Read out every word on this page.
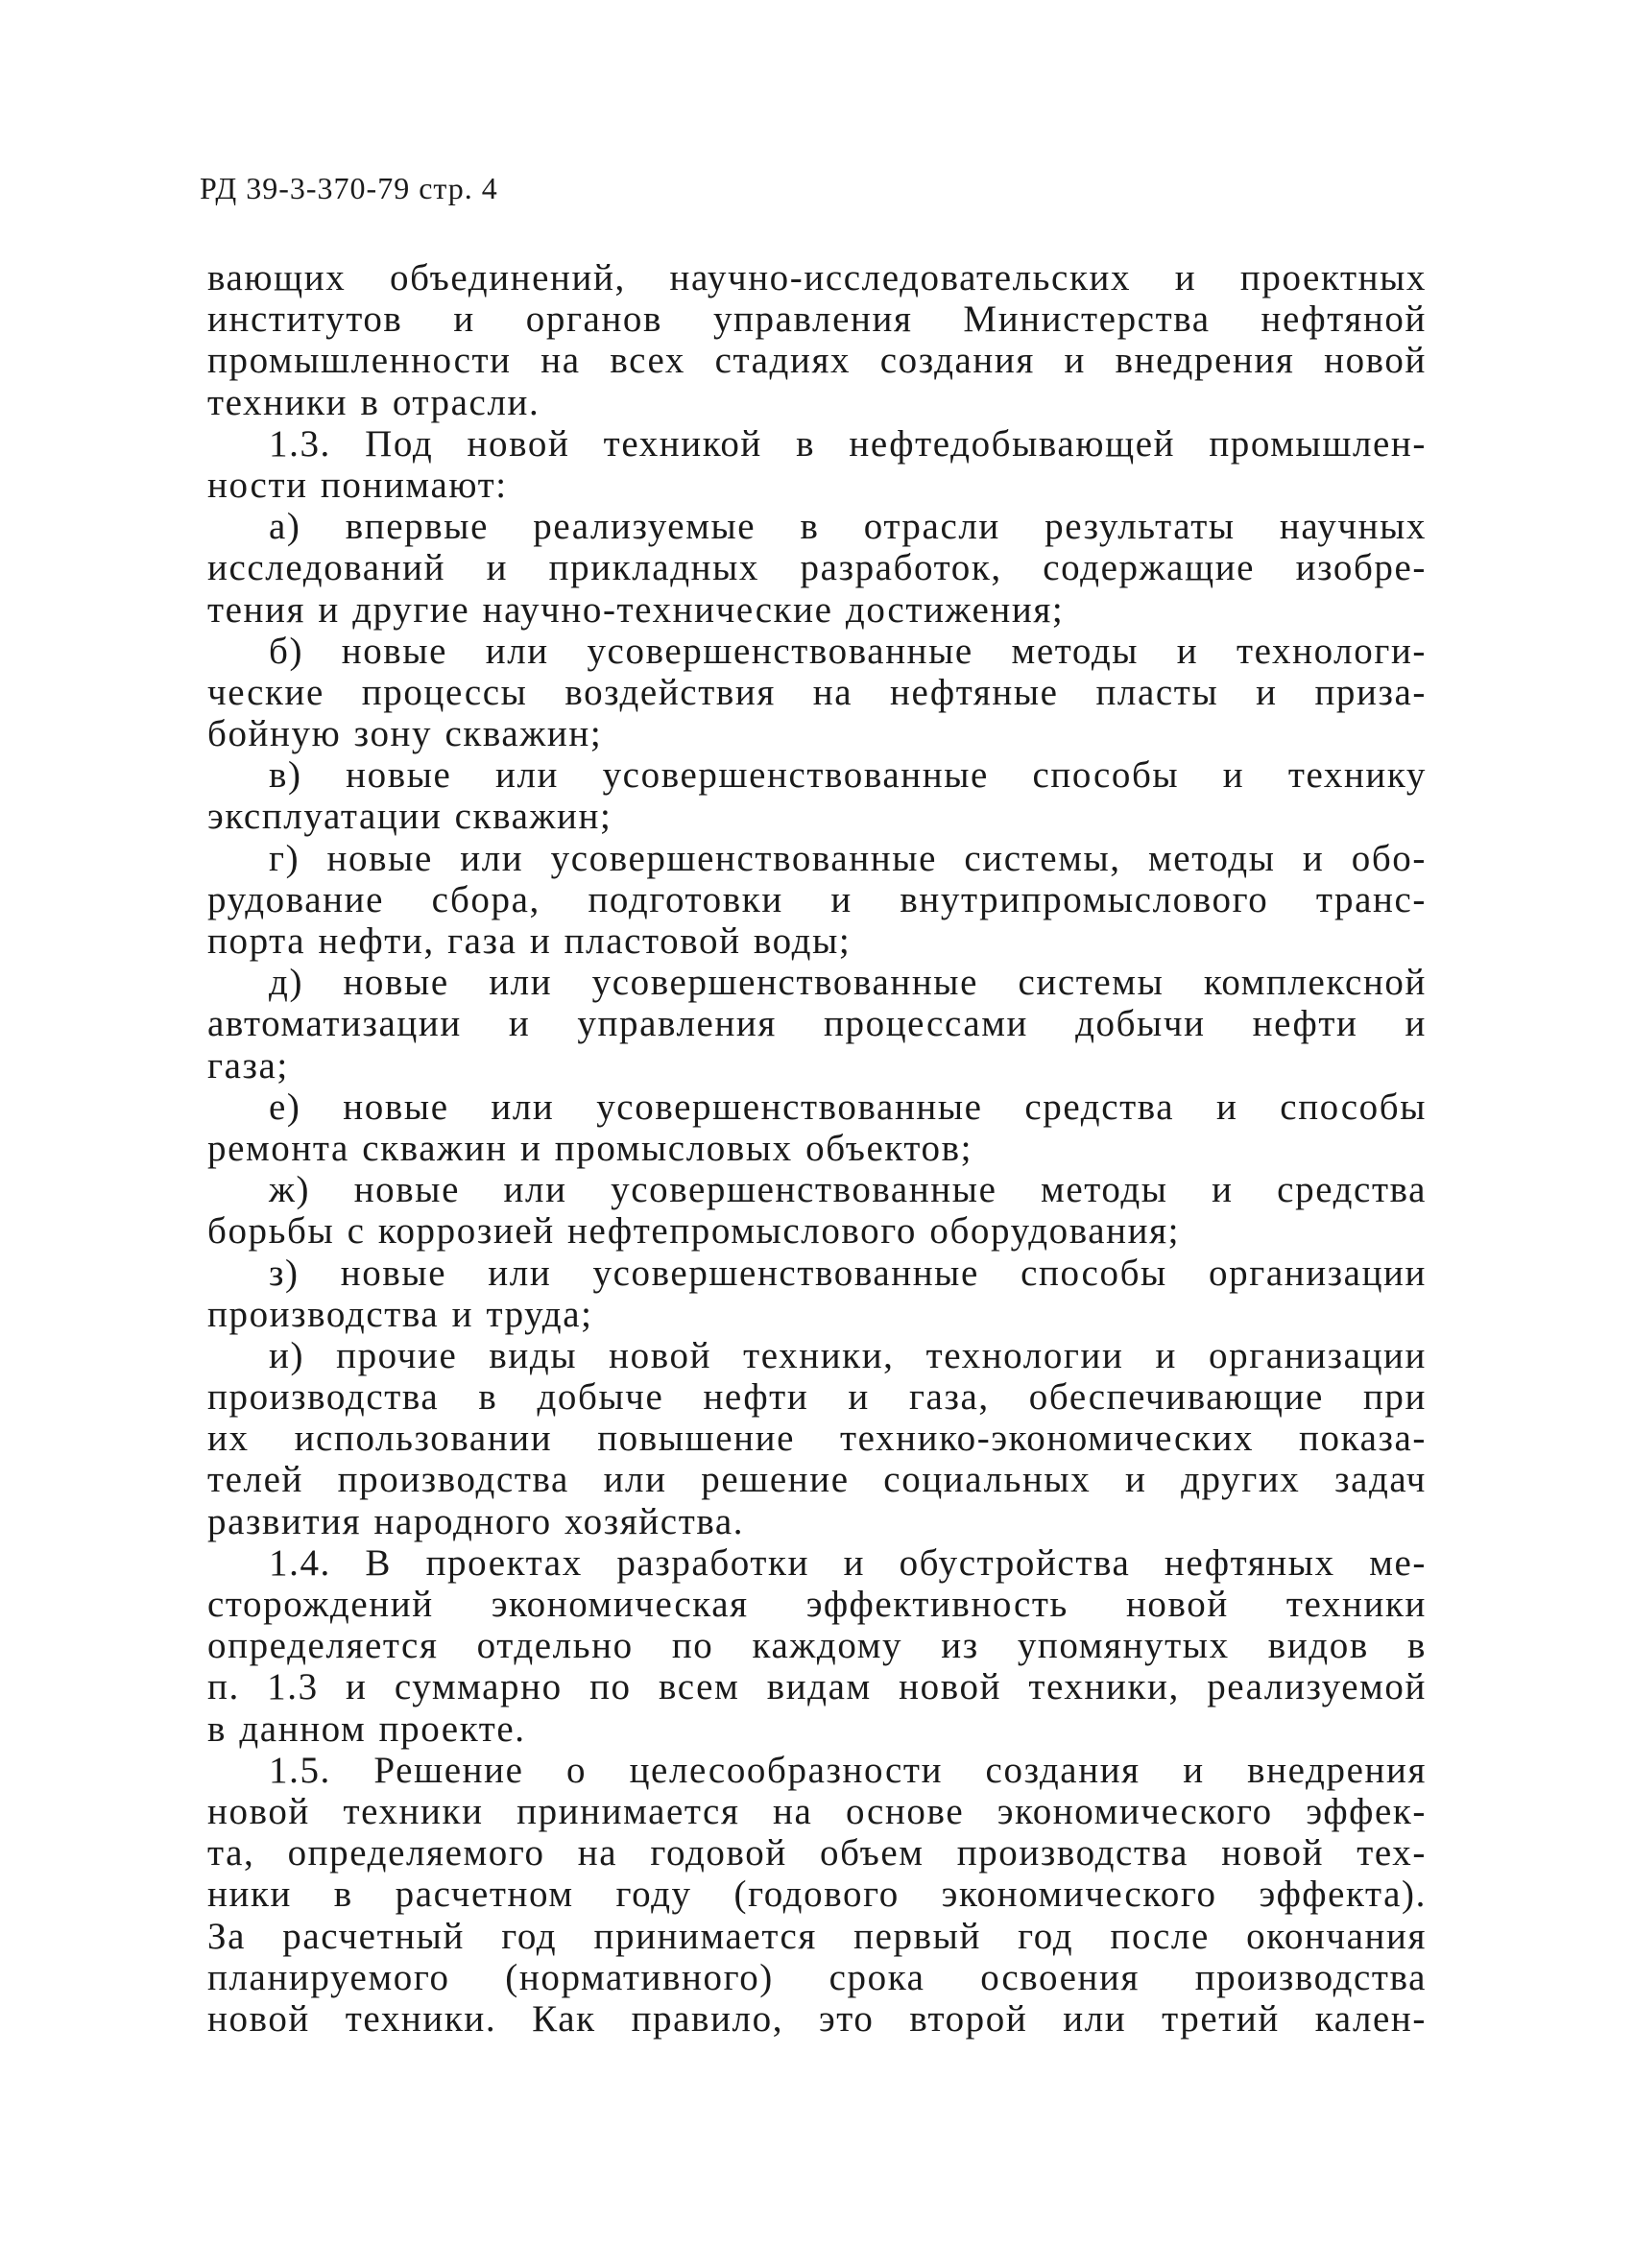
РД 39-3-370-79 стр. 4
вающих объединений, научно-исследовательских и проектных
институтов и органов управления Министерства нефтяной
промышленности на всех стадиях создания и внедрения новой
техники в отрасли.
1.3. Под новой техникой в нефтедобывающей промышлен-
ности понимают:
а) впервые реализуемые в отрасли результаты научных
исследований и прикладных разработок, содержащие изобре-
тения и другие научно-технические достижения;
б) новые или усовершенствованные методы и технологи-
ческие процессы воздействия на нефтяные пласты и приза-
бойную зону скважин;
в) новые или усовершенствованные способы и технику
эксплуатации скважин;
г) новые или усовершенствованные системы, методы и обо-
рудование сбора, подготовки и внутрипромыслового транс-
порта нефти, газа и пластовой воды;
д) новые или усовершенствованные системы комплексной
автоматизации и управления процессами добычи нефти и
газа;
е) новые или усовершенствованные средства и способы
ремонта скважин и промысловых объектов;
ж) новые или усовершенствованные методы и средства
борьбы с коррозией нефтепромыслового оборудования;
з) новые или усовершенствованные способы организации
производства и труда;
и) прочие виды новой техники, технологии и организации
производства в добыче нефти и газа, обеспечивающие при
их использовании повышение технико-экономических показа-
телей производства или решение социальных и других задач
развития народного хозяйства.
1.4. В проектах разработки и обустройства нефтяных ме-
сторождений экономическая эффективность новой техники
определяется отдельно по каждому из упомянутых видов в
п. 1.3 и суммарно по всем видам новой техники, реализуемой
в данном проекте.
1.5. Решение о целесообразности создания и внедрения
новой техники принимается на основе экономического эффек-
та, определяемого на годовой объем производства новой тех-
ники в расчетном году (годового экономического эффекта).
За расчетный год принимается первый год после окончания
планируемого (нормативного) срока освоения производства
новой техники. Как правило, это второй или третий кален-
